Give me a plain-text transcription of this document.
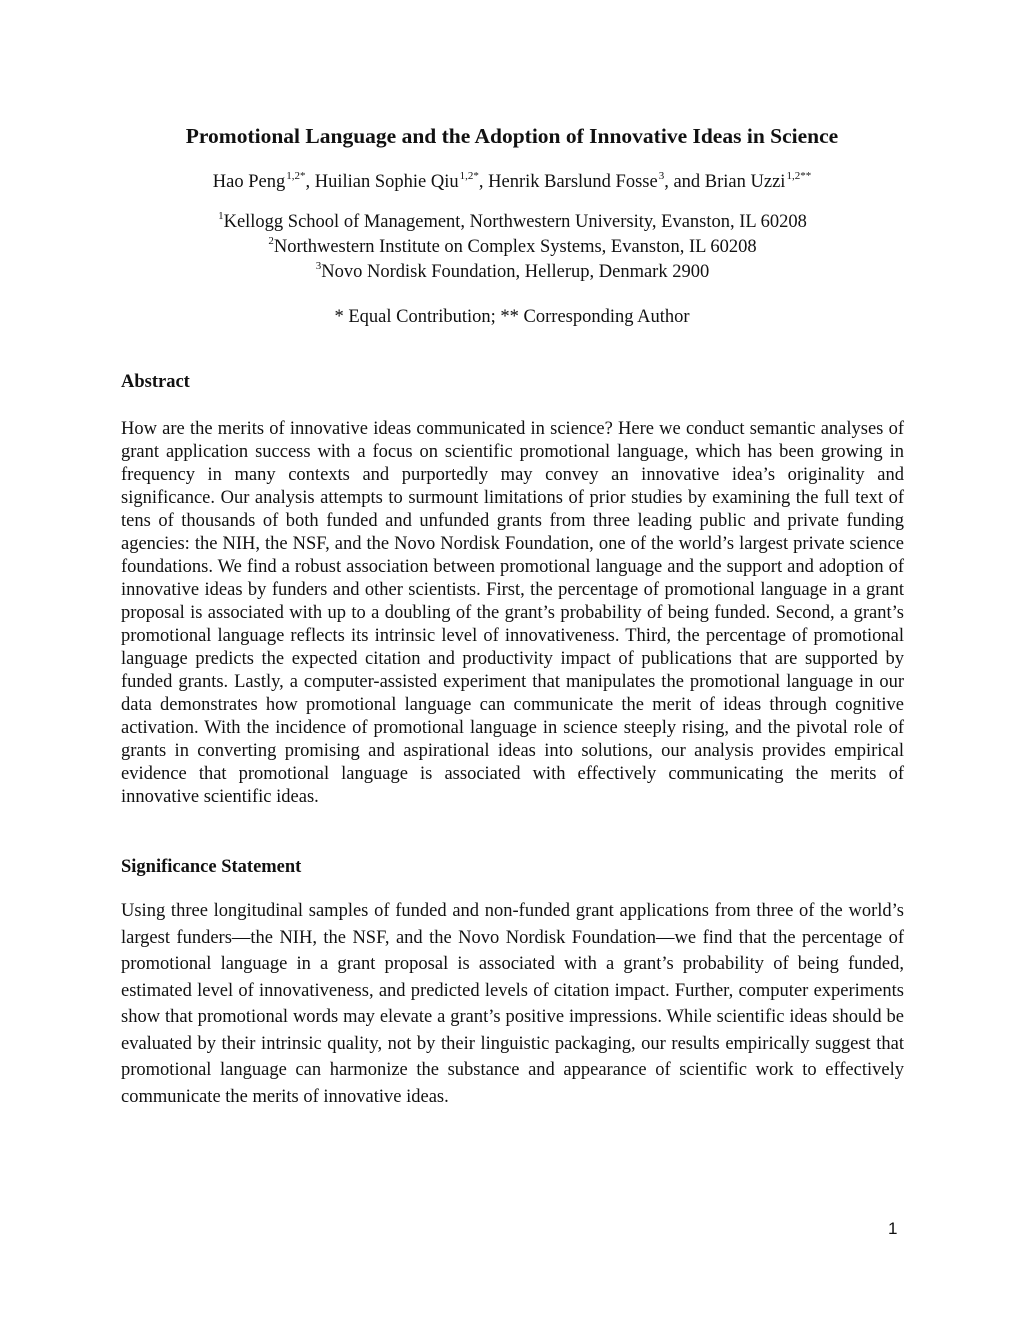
Promotional Language and the Adoption of Innovative Ideas in Science
Hao Peng$^{1,2*}$, Huilian Sophie Qiu$^{1,2*}$, Henrik Barslund Fosse$^3$, and Brian Uzzi$^{1,2**}$
$^1$Kellogg School of Management, Northwestern University, Evanston, IL 60208
$^2$Northwestern Institute on Complex Systems, Evanston, IL 60208
$^3$Novo Nordisk Foundation, Hellerup, Denmark 2900
* Equal Contribution; ** Corresponding Author
Abstract

How are the merits of innovative ideas communicated in science? Here we conduct semantic analyses of grant application success with a focus on scientific promotional language, which has been growing in frequency in many contexts and purportedly may convey an innovative idea’s originality and significance. Our analysis attempts to surmount limitations of prior studies by examining the full text of tens of thousands of both funded and unfunded grants from three leading public and private funding agencies: the NIH, the NSF, and the Novo Nordisk Foundation, one of the world’s largest private science foundations. We find a robust association between promotional language and the support and adoption of innovative ideas by funders and other scientists. First, the percentage of promotional language in a grant proposal is associated with up to a doubling of the grant’s probability of being funded. Second, a grant’s promotional language reflects its intrinsic level of innovativeness. Third, the percentage of promotional language predicts the expected citation and productivity impact of publications that are supported by funded grants. Lastly, a computer-assisted experiment that manipulates the promotional language in our data demonstrates how promotional language can communicate the merit of ideas through cognitive activation. With the incidence of promotional language in science steeply rising, and the pivotal role of grants in converting promising and aspirational ideas into solutions, our analysis provides empirical evidence that promotional language is associated with effectively communicating the merits of innovative scientific ideas.

Significance Statement

Using three longitudinal samples of funded and non-funded grant applications from three of the world’s largest funders—the NIH, the NSF, and the Novo Nordisk Foundation—we find that the percentage of promotional language in a grant proposal is associated with a grant’s probability of being funded, estimated level of innovativeness, and predicted levels of citation impact. Further, computer experiments show that promotional words may elevate a grant’s positive impressions. While scientific ideas should be evaluated by their intrinsic quality, not by their linguistic packaging, our results empirically suggest that promotional language can harmonize the substance and appearance of scientific work to effectively communicate the merits of innovative ideas.

1
